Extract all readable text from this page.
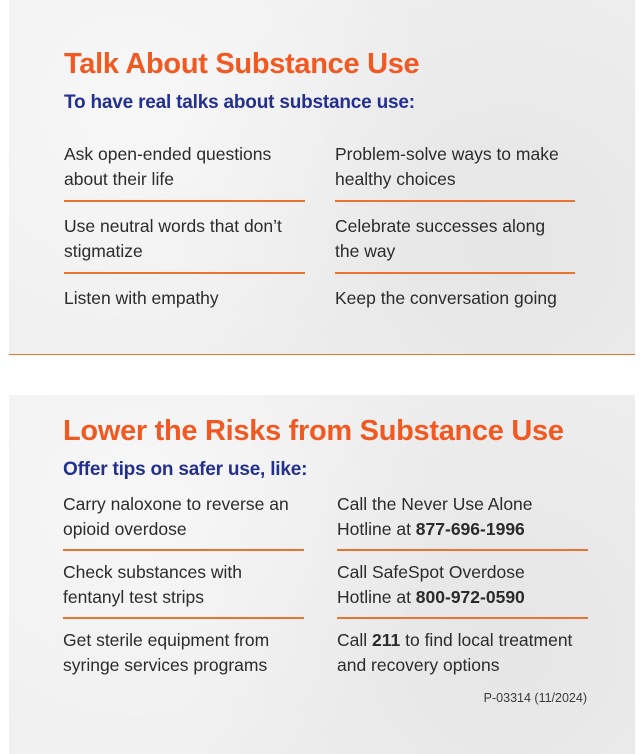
Talk About Substance Use
To have real talks about substance use:

Ask open-ended questions
about their life

Use neutral words that don’t
stigmatize

Listen with empathy

Problem-solve ways to make
healthy choices

Celebrate successes along
the way

Keep the conversation going

Lower the Risks from Substance Use
Offer tips on safer use, like:

Carry naloxone to reverse an
opioid overdose

Check substances with
fentanyl test strips

Get sterile equipment from
syringe services programs

Call the Never Use Alone
Hotline at 877-696-1996

Call SafeSpot Overdose
Hotline at 800-972-0590

Call 211 to find local treatment
and recovery options

P-03314 (11/2024)
